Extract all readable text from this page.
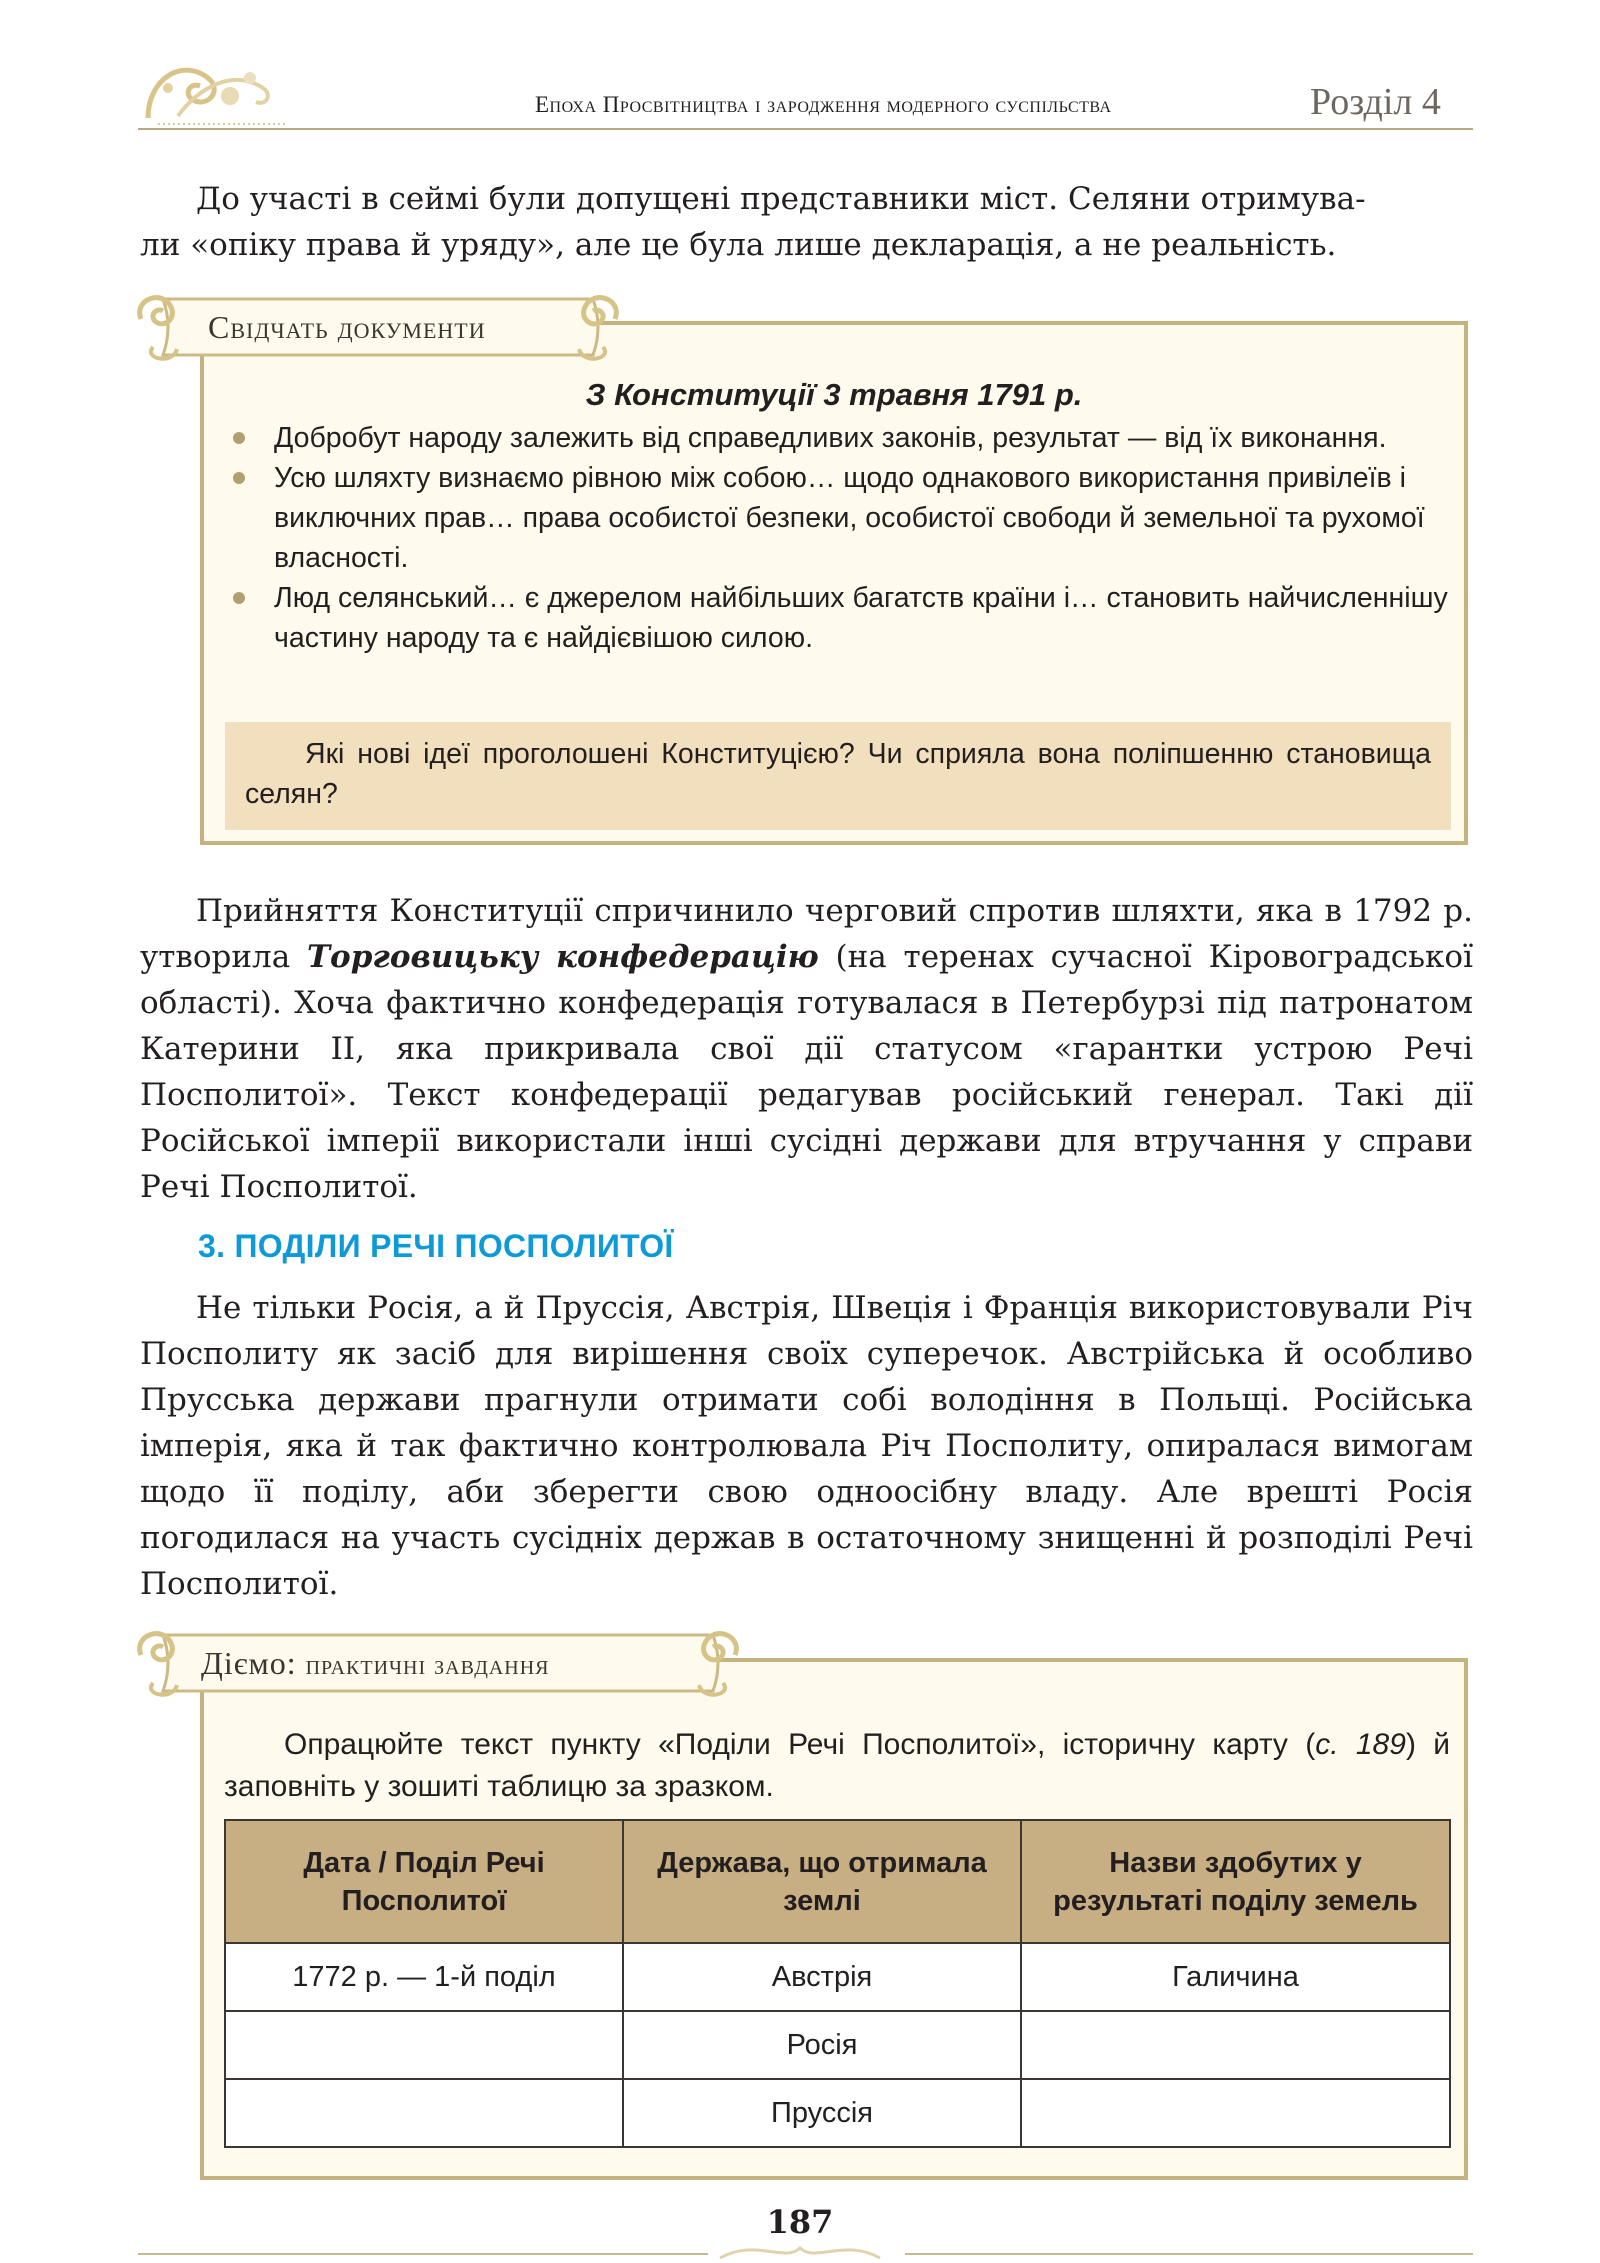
Епоха Просвітництва і зародження модерного суспільства	Розділ 4

До участі в сеймі були допущені представники міст. Селяни отримува-
ли «опіку права й уряду», але це була лише декларація, а не реальність.

З Конституції 3 травня 1791 р.
Добробут народу залежить від справедливих законів, результат — від їх виконання.
Усю шляхту визнаємо рівною між собою… щодо однакового використання привілеїв і виключних прав… права особистої безпеки, особистої свободи й земельної та рухомої власності.
Люд селянський… є джерелом найбільших багатств країни і… становить найчисленнішу частину народу та є найдієвішою силою.
Які нові ідеї проголошені Конституцією? Чи сприяла вона поліпшенню становища селян?
Свідчать документи

Прийняття Конституції спричинило черговий спротив шляхти, яка в 1792 р. утворила Торговицьку конфедерацію (на теренах сучасної Кіровоградської області). Хоча фактично конфедерація готувалася в Петербурзі під патронатом Катерини II, яка прикривала свої дії статусом «гарантки устрою Речі Посполитої». Текст конфедерації редагував російський генерал. Такі дії Російської імперії використали інші сусідні держави для втручання у справи Речі Посполитої.

3. ПОДІЛИ РЕЧІ ПОСПОЛИТОЇ

Не тільки Росія, а й Пруссія, Австрія, Швеція і Франція використовували Річ Посполиту як засіб для вирішення своїх суперечок. Австрійська й особливо Прусська держави прагнули отримати собі володіння в Польщі. Російська імперія, яка й так фактично контролювала Річ Посполиту, опиралася вимогам щодо її поділу, аби зберегти свою одноосібну владу. Але врешті Росія погодилася на участь сусідніх держав в остаточному знищенні й розподілі Речі Посполитої.

Опрацюйте текст пункту «Поділи Речі Посполитої», історичну карту (с. 189) й заповніть у зошиті таблицю за зразком.
Дата / Поділ Речі Посполитої	Держава, що отримала землі	Назви здобутих у результаті поділу земель
1772 р. — 1-й поділ	Австрія	Галичина
	Росія	
	Пруссія	
Діємо: практичні завдання
187
